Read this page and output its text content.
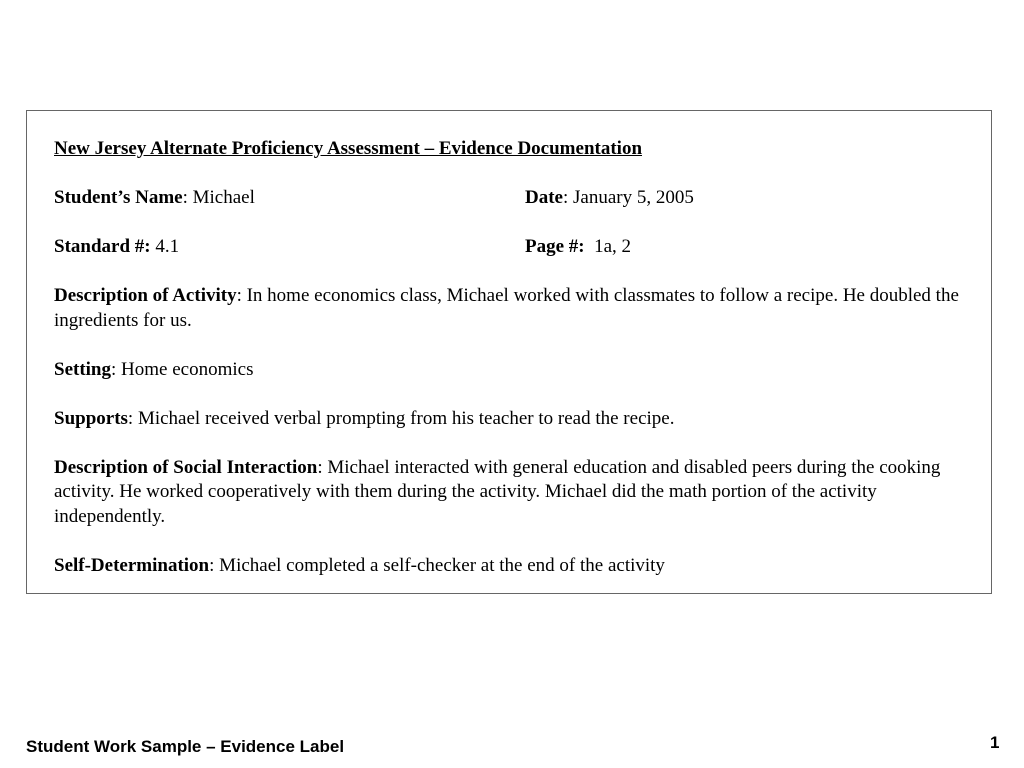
New Jersey Alternate Proficiency Assessment – Evidence Documentation

Student’s Name: Michael	Date: January 5, 2005
Standard #: 4.1	Page #:  1a, 2

Description of Activity: In home economics class, Michael worked with classmates to follow a recipe. He doubled the ingredients for us.

Setting: Home economics

Supports: Michael received verbal prompting from his teacher to read the recipe.

Description of Social Interaction: Michael interacted with general education and disabled peers during the cooking activity. He worked cooperatively with them during the activity. Michael did the math portion of the activity independently.

Self-Determination: Michael completed a self-checker at the end of the activity

Student Work Sample – Evidence Label	1
